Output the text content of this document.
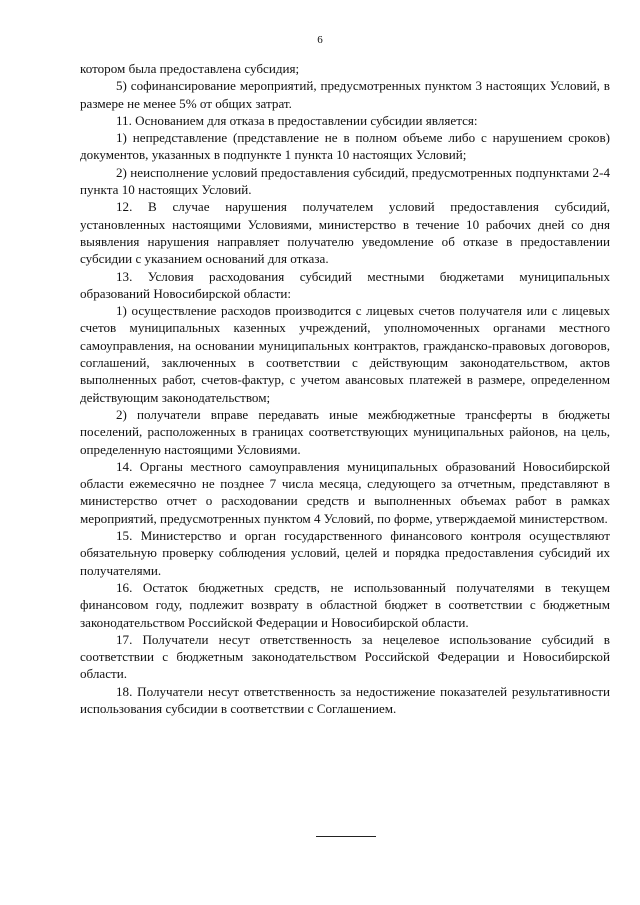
6

котором была предоставлена субсидия;

5) софинансирование мероприятий, предусмотренных пунктом 3 настоящих Условий, в размере не менее 5% от общих затрат.

11. Основанием для отказа в предоставлении субсидии является:

1) непредставление (представление не в полном объеме либо с нарушением сроков) документов, указанных в подпункте 1 пункта 10 настоящих Условий;

2) неисполнение условий предоставления субсидий, предусмотренных подпунктами 2-4 пункта 10 настоящих Условий.

12. В случае нарушения получателем условий предоставления субсидий, установленных настоящими Условиями, министерство в течение 10 рабочих дней со дня выявления нарушения направляет получателю уведомление об отказе в предоставлении субсидии с указанием оснований для отказа.

13. Условия расходования субсидий местными бюджетами муниципальных образований Новосибирской области:

1) осуществление расходов производится с лицевых счетов получателя или с лицевых счетов муниципальных казенных учреждений, уполномоченных органами местного самоуправления, на основании муниципальных контрактов, гражданско-правовых договоров, соглашений, заключенных в соответствии с действующим законодательством, актов выполненных работ, счетов-фактур, с учетом авансовых платежей в размере, определенном действующим законодательством;

2) получатели вправе передавать иные межбюджетные трансферты в бюджеты поселений, расположенных в границах соответствующих муниципальных районов, на цель, определенную настоящими Условиями.

14. Органы местного самоуправления муниципальных образований Новосибирской области ежемесячно не позднее 7 числа месяца, следующего за отчетным, представляют в министерство отчет о расходовании средств и выполненных объемах работ в рамках мероприятий, предусмотренных пунктом 4 Условий, по форме, утверждаемой министерством.

15. Министерство и орган государственного финансового контроля осуществляют обязательную проверку соблюдения условий, целей и порядка предоставления субсидий их получателями.

16. Остаток бюджетных средств, не использованный получателями в текущем финансовом году, подлежит возврату в областной бюджет в соответствии с бюджетным законодательством Российской Федерации и Новосибирской области.

17. Получатели несут ответственность за нецелевое использование субсидий в соответствии с бюджетным законодательством Российской Федерации и Новосибирской области.

18. Получатели несут ответственность за недостижение показателей результативности использования субсидии в соответствии с Соглашением.
